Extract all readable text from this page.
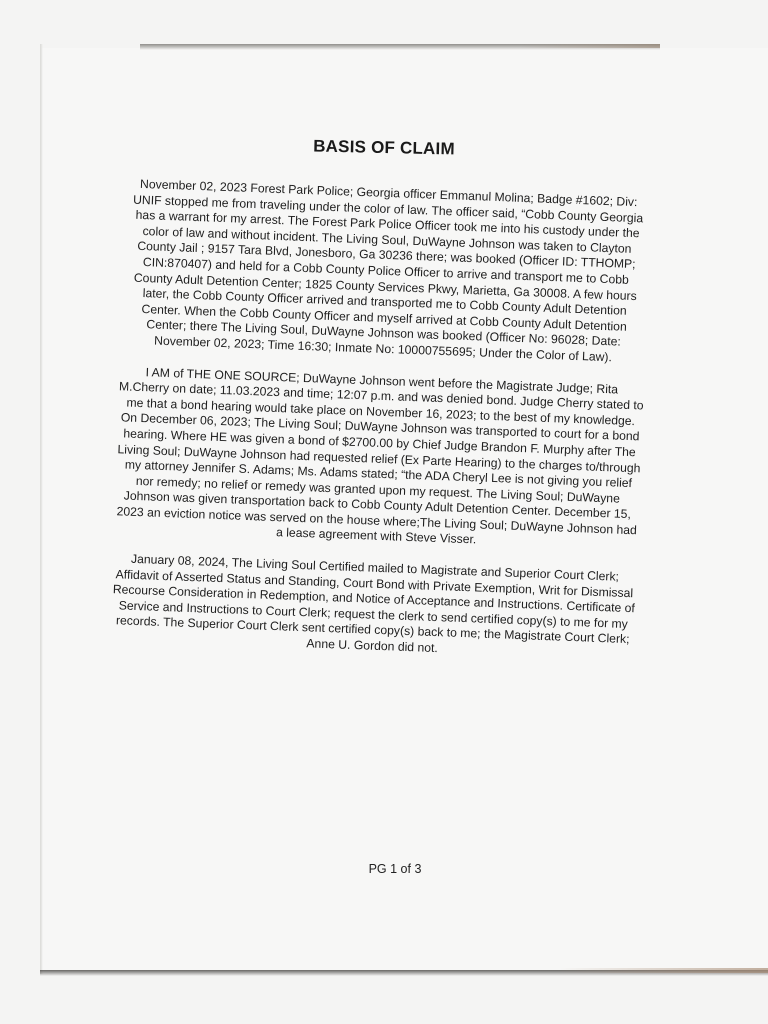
BASIS OF CLAIM

November 02, 2023 Forest Park Police; Georgia officer Emmanul Molina; Badge #1602; Div: UNIF stopped me from traveling under the color of law. The officer said, “Cobb County Georgia has a warrant for my arrest. The Forest Park Police Officer took me into his custody under the color of law and without incident. The Living Soul, DuWayne Johnson was taken to Clayton County Jail ; 9157 Tara Blvd, Jonesboro, Ga 30236 there; was booked (Officer ID: TTHOMP; CIN:870407) and held for a Cobb County Police Officer to arrive and transport me to Cobb County Adult Detention Center; 1825 County Services Pkwy, Marietta, Ga 30008. A few hours later, the Cobb County Officer arrived and transported me to Cobb County Adult Detention Center. When the Cobb County Officer and myself arrived at Cobb County Adult Detention Center; there The Living Soul, DuWayne Johnson was booked (Officer No: 96028; Date: November 02, 2023; Time 16:30; Inmate No: 10000755695; Under the Color of Law).

I AM of THE ONE SOURCE; DuWayne Johnson went before the Magistrate Judge; Rita M.Cherry on date; 11.03.2023 and time; 12:07 p.m. and was denied bond. Judge Cherry stated to me that a bond hearing would take place on November 16, 2023; to the best of my knowledge. On December 06, 2023; The Living Soul; DuWayne Johnson was transported to court for a bond hearing. Where HE was given a bond of $2700.00 by Chief Judge Brandon F. Murphy after The Living Soul; DuWayne Johnson had requested relief (Ex Parte Hearing) to the charges to/through my attorney Jennifer S. Adams; Ms. Adams stated; “the ADA Cheryl Lee is not giving you relief nor remedy; no relief or remedy was granted upon my request. The Living Soul; DuWayne Johnson was given transportation back to Cobb County Adult Detention Center. December 15, 2023 an eviction notice was served on the house where;The Living Soul; DuWayne Johnson had a lease agreement with Steve Visser.

January 08, 2024, The Living Soul Certified mailed to Magistrate and Superior Court Clerk; Affidavit of Asserted Status and Standing, Court Bond with Private Exemption, Writ for Dismissal Recourse Consideration in Redemption, and Notice of Acceptance and Instructions. Certificate of Service and Instructions to Court Clerk; request the clerk to send certified copy(s) to me for my records. The Superior Court Clerk sent certified copy(s) back to me; the Magistrate Court Clerk; Anne U. Gordon did not.

PG 1 of 3
